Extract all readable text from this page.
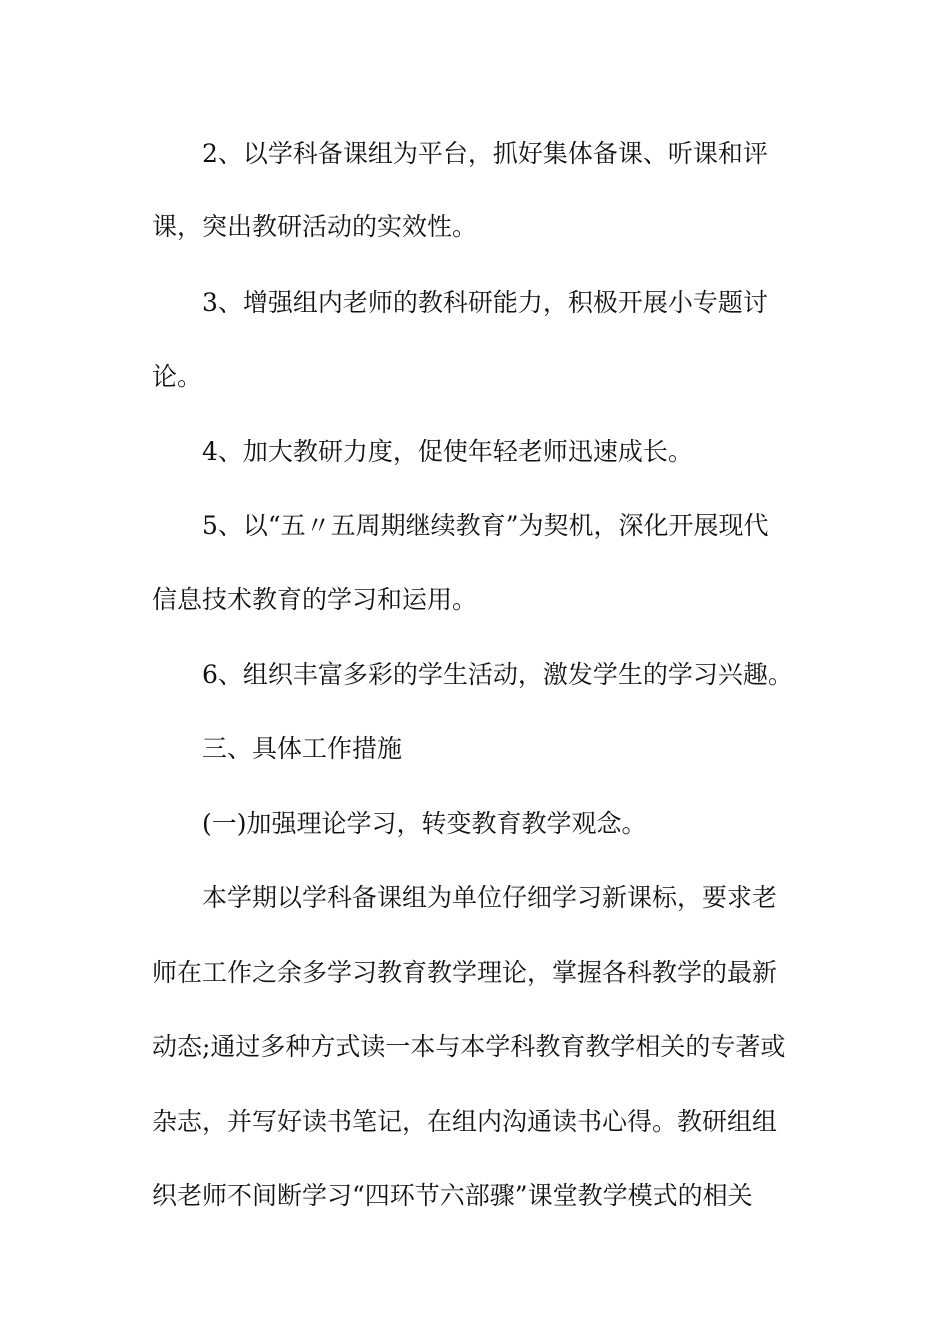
2、以学科备课组为平台，抓好集体备课、听课和评
课，突出教研活动的实效性。
3、增强组内老师的教科研能力，积极开展小专题讨
论。
4、加大教研力度，促使年轻老师迅速成长。
5、以“五〃五周期继续教育”为契机，深化开展现代
信息技术教育的学习和运用。
6、组织丰富多彩的学生活动，激发学生的学习兴趣。
三、具体工作措施
(一)加强理论学习，转变教育教学观念。
本学期以学科备课组为单位仔细学习新课标，要求老
师在工作之余多学习教育教学理论，掌握各科教学的最新
动态;通过多种方式读一本与本学科教育教学相关的专著或
杂志，并写好读书笔记，在组内沟通读书心得。教研组组
织老师不间断学习“四环节六部骤”课堂教学模式的相关
